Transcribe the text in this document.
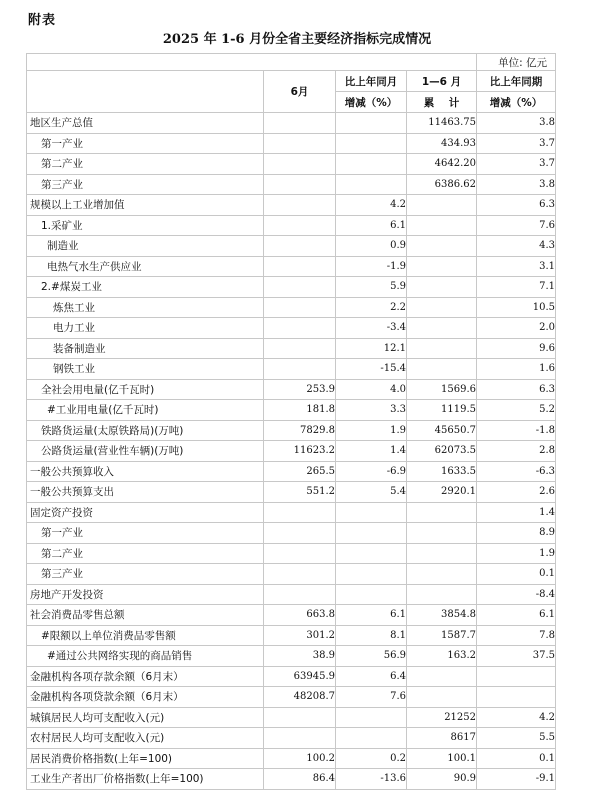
附表
2025 年 1-6 月份全省主要经济指标完成情况
				单位: 亿元
	6月	比上年同月	1—6 月	比上年同期
		增减（%）	累    计	增减（%）
地区生产总值			11463.75	3.8
第一产业			434.93	3.7
第二产业			4642.20	3.7
第三产业			6386.62	3.8
规模以上工业增加值		4.2		6.3
1.采矿业		6.1		7.6
制造业		0.9		4.3
电热气水生产供应业		-1.9		3.1
2.#煤炭工业		5.9		7.1
炼焦工业		2.2		10.5
电力工业		-3.4		2.0
装备制造业		12.1		9.6
钢铁工业		-15.4		1.6
全社会用电量(亿千瓦时)	253.9	4.0	1569.6	6.3
#工业用电量(亿千瓦时)	181.8	3.3	1119.5	5.2
铁路货运量(太原铁路局)(万吨)	7829.8	1.9	45650.7	-1.8
公路货运量(营业性车辆)(万吨)	11623.2	1.4	62073.5	2.8
一般公共预算收入	265.5	-6.9	1633.5	-6.3
一般公共预算支出	551.2	5.4	2920.1	2.6
固定资产投资				1.4
第一产业				8.9
第二产业				1.9
第三产业				0.1
房地产开发投资				-8.4
社会消费品零售总额	663.8	6.1	3854.8	6.1
#限额以上单位消费品零售额	301.2	8.1	1587.7	7.8
#通过公共网络实现的商品销售	38.9	56.9	163.2	37.5
金融机构各项存款余额（6月末）	63945.9	6.4		
金融机构各项贷款余额（6月末）	48208.7	7.6		
城镇居民人均可支配收入(元)			21252	4.2
农村居民人均可支配收入(元)			8617	5.5
居民消费价格指数(上年=100)	100.2	0.2	100.1	0.1
工业生产者出厂价格指数(上年=100)	86.4	-13.6	90.9	-9.1
